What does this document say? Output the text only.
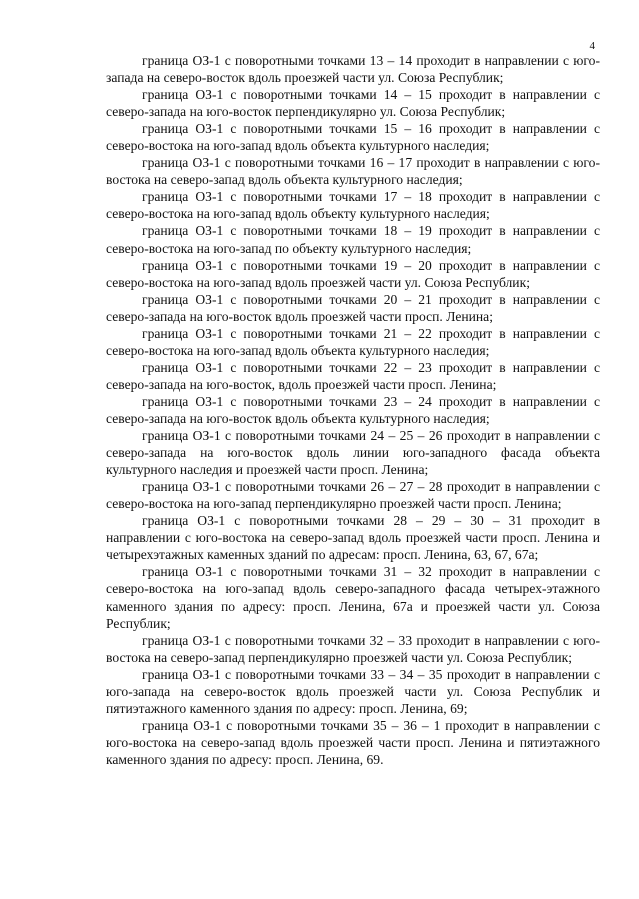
4

граница ОЗ-1 с поворотными точками 13 – 14 проходит в направлении с юго-запада на северо-восток вдоль проезжей части ул. Союза Республик;

граница ОЗ-1 с поворотными точками 14 – 15 проходит в направлении с северо-запада на юго-восток перпендикулярно ул. Союза Республик;

граница ОЗ-1 с поворотными точками 15 – 16 проходит в направлении с северо-востока на юго-запад вдоль объекта культурного наследия;

граница ОЗ-1 с поворотными точками 16 – 17 проходит в направлении с юго-востока на северо-запад вдоль объекта культурного наследия;

граница ОЗ-1 с поворотными точками 17 – 18 проходит в направлении с северо-востока на юго-запад вдоль объекту культурного наследия;

граница ОЗ-1 с поворотными точками 18 – 19 проходит в направлении с северо-востока на юго-запад по объекту культурного наследия;

граница ОЗ-1 с поворотными точками 19 – 20 проходит в направлении с северо-востока на юго-запад вдоль проезжей части ул. Союза Республик;

граница ОЗ-1 с поворотными точками 20 – 21 проходит в направлении с северо-запада на юго-восток вдоль проезжей части просп. Ленина;

граница ОЗ-1 с поворотными точками 21 – 22 проходит в направлении с северо-востока на юго-запад вдоль объекта культурного наследия;

граница ОЗ-1 с поворотными точками 22 – 23 проходит в направлении с северо-запада на юго-восток, вдоль проезжей части просп. Ленина;

граница ОЗ-1 с поворотными точками 23 – 24 проходит в направлении с северо-запада на юго-восток вдоль объекта культурного наследия;

граница ОЗ-1 с поворотными точками 24 – 25 – 26 проходит в направлении с северо-запада на юго-восток вдоль линии юго-западного фасада объекта культурного наследия и проезжей части просп. Ленина;

граница ОЗ-1 с поворотными точками 26 – 27 – 28 проходит в направлении с северо-востока на юго-запад перпендикулярно проезжей части просп. Ленина;

граница ОЗ-1 с поворотными точками 28 – 29 – 30 – 31 проходит в направлении с юго-востока на северо-запад вдоль проезжей части просп. Ленина и четырехэтажных каменных зданий по адресам: просп. Ленина, 63, 67, 67а;

граница ОЗ-1 с поворотными точками 31 – 32 проходит в направлении с северо-востока на юго-запад вдоль северо-западного фасада четырех-этажного каменного здания по адресу: просп. Ленина, 67а и проезжей части ул. Союза Республик;

граница ОЗ-1 с поворотными точками 32 – 33 проходит в направлении с юго-востока на северо-запад перпендикулярно проезжей части ул. Союза Республик;

граница ОЗ-1 с поворотными точками 33 – 34 – 35 проходит в направлении с юго-запада на северо-восток вдоль проезжей части ул. Союза Республик и пятиэтажного каменного здания по адресу: просп. Ленина, 69;

граница ОЗ-1 с поворотными точками 35 – 36 – 1 проходит в направлении с юго-востока на северо-запад вдоль проезжей части просп. Ленина и пятиэтажного каменного здания по адресу: просп. Ленина, 69.
